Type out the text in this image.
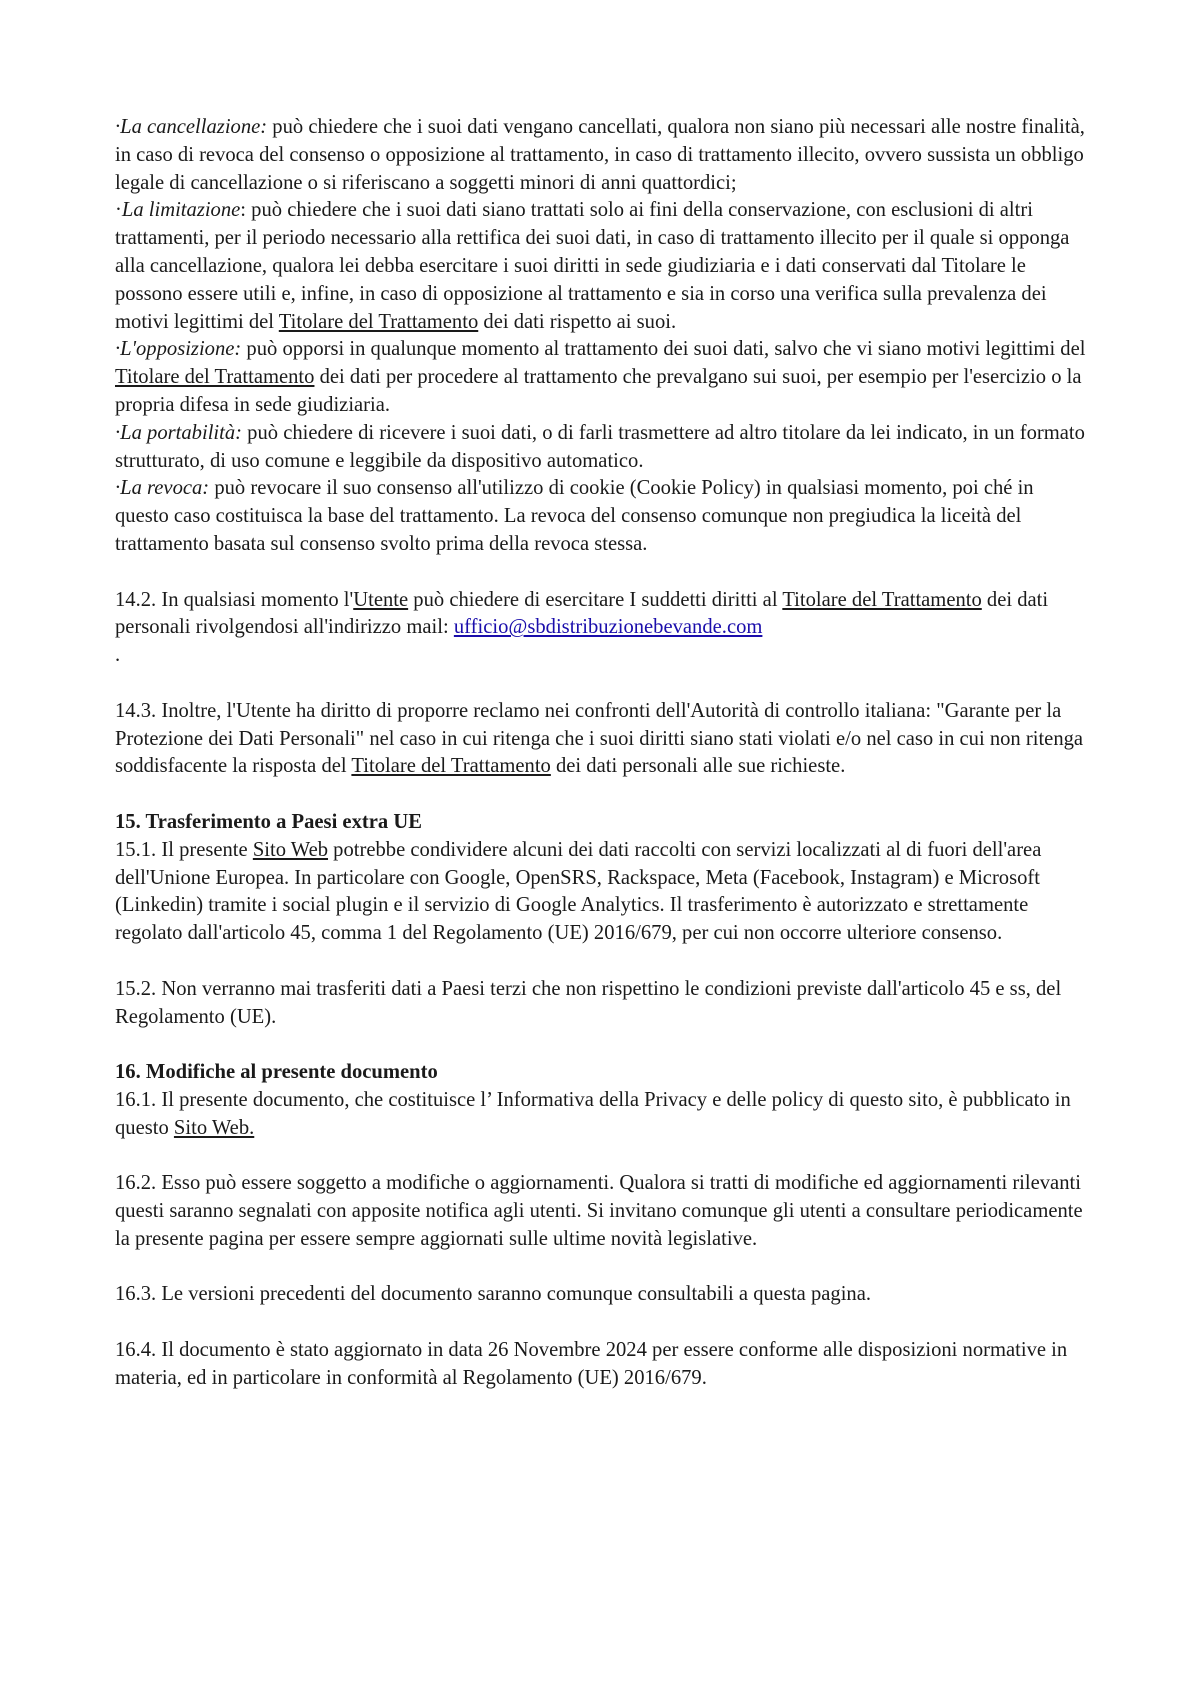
·La cancellazione: può chiedere che i suoi dati vengano cancellati, qualora non siano più necessari alle nostre finalità, in caso di revoca del consenso o opposizione al trattamento, in caso di trattamento illecito, ovvero sussista un obbligo legale di cancellazione o si riferiscano a soggetti minori di anni quattordici;

·La limitazione: può chiedere che i suoi dati siano trattati solo ai fini della conservazione, con esclusioni di altri trattamenti, per il periodo necessario alla rettifica dei suoi dati, in caso di trattamento illecito per il quale si opponga alla cancellazione, qualora lei debba esercitare i suoi diritti in sede giudiziaria e i dati conservati dal Titolare le possono essere utili e, infine, in caso di opposizione al trattamento e sia in corso una verifica sulla prevalenza dei motivi legittimi del Titolare del Trattamento dei dati rispetto ai suoi.

·L'opposizione: può opporsi in qualunque momento al trattamento dei suoi dati, salvo che vi siano motivi legittimi del Titolare del Trattamento dei dati per procedere al trattamento che prevalgano sui suoi, per esempio per l'esercizio o la propria difesa in sede giudiziaria.

·La portabilità: può chiedere di ricevere i suoi dati, o di farli trasmettere ad altro titolare da lei indicato, in un formato strutturato, di uso comune e leggibile da dispositivo automatico.

·La revoca: può revocare il suo consenso all'utilizzo di cookie (Cookie Policy) in qualsiasi momento, poi ché in questo caso costituisca la base del trattamento. La revoca del consenso comunque non pregiudica la liceità del trattamento basata sul consenso svolto prima della revoca stessa.

14.2. In qualsiasi momento l'Utente può chiedere di esercitare I suddetti diritti al Titolare del Trattamento dei dati personali rivolgendosi all'indirizzo mail: ufficio@sbdistribuzionebevande.com
.

14.3. Inoltre, l'Utente ha diritto di proporre reclamo nei confronti dell'Autorità di controllo italiana: "Garante per la Protezione dei Dati Personali" nel caso in cui ritenga che i suoi diritti siano stati violati e/o nel caso in cui non ritenga soddisfacente la risposta del Titolare del Trattamento dei dati personali alle sue richieste.

15. Trasferimento a Paesi extra UE

15.1. Il presente Sito Web potrebbe condividere alcuni dei dati raccolti con servizi localizzati al di fuori dell'area dell'Unione Europea. In particolare con Google, OpenSRS, Rackspace, Meta (Facebook, Instagram) e Microsoft (Linkedin) tramite i social plugin e il servizio di Google Analytics. Il trasferimento è autorizzato e strettamente regolato dall'articolo 45, comma 1 del Regolamento (UE) 2016/679, per cui non occorre ulteriore consenso.

15.2. Non verranno mai trasferiti dati a Paesi terzi che non rispettino le condizioni previste dall'articolo 45 e ss, del Regolamento (UE).

16. Modifiche al presente documento

16.1. Il presente documento, che costituisce l’ Informativa della Privacy e delle policy di questo sito, è pubblicato in questo Sito Web.

16.2. Esso può essere soggetto a modifiche o aggiornamenti. Qualora si tratti di modifiche ed aggiornamenti rilevanti questi saranno segnalati con apposite notifica agli utenti. Si invitano comunque gli utenti a consultare periodicamente la presente pagina per essere sempre aggiornati sulle ultime novità legislative.

16.3. Le versioni precedenti del documento saranno comunque consultabili a questa pagina.

16.4. Il documento è stato aggiornato in data 26 Novembre 2024 per essere conforme alle disposizioni normative in materia, ed in particolare in conformità al Regolamento (UE) 2016/679.
